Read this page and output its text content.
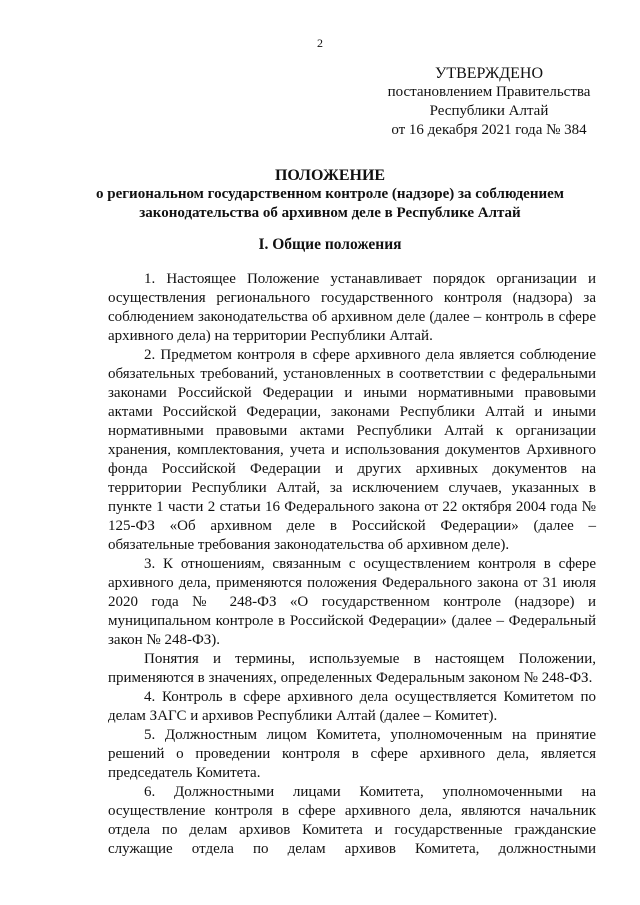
2
УТВЕРЖДЕНО
постановлением Правительства
Республики Алтай
от 16 декабря 2021 года № 384
ПОЛОЖЕНИЕ
о региональном государственном контроле (надзоре) за соблюдением
законодательства об архивном деле в Республике Алтай
I. Общие положения

1. Настоящее Положение устанавливает порядок организации и осуществления регионального государственного контроля (надзора) за соблюдением законодательства об архивном деле (далее – контроль в сфере архивного дела) на территории Республики Алтай.

2. Предметом контроля в сфере архивного дела является соблюдение обязательных требований, установленных в соответствии с федеральными законами Российской Федерации и иными нормативными правовыми актами Российской Федерации, законами Республики Алтай и иными нормативными правовыми актами Республики Алтай к организации хранения, комплектования, учета и использования документов Архивного фонда Российской Федерации и других архивных документов на территории Республики Алтай, за исключением случаев, указанных в пункте 1 части 2 статьи 16 Федерального закона от 22 октября 2004 года № 125-ФЗ «Об архивном деле в Российской Федерации» (далее – обязательные требования законодательства об архивном деле).

3. К отношениям, связанным с осуществлением контроля в сфере архивного дела, применяются положения Федерального закона от 31 июля 2020 года № 248-ФЗ «О государственном контроле (надзоре) и муниципальном контроле в Российской Федерации» (далее – Федеральный закон № 248-ФЗ).

Понятия и термины, используемые в настоящем Положении, применяются в значениях, определенных Федеральным законом № 248-ФЗ.

4. Контроль в сфере архивного дела осуществляется Комитетом по делам ЗАГС и архивов Республики Алтай (далее – Комитет).

5. Должностным лицом Комитета, уполномоченным на принятие решений о проведении контроля в сфере архивного дела, является председатель Комитета.

6. Должностными лицами Комитета, уполномоченными на осуществление контроля в сфере архивного дела, являются начальник отдела по делам архивов Комитета и государственные гражданские служащие отдела по делам архивов Комитета, должностными
